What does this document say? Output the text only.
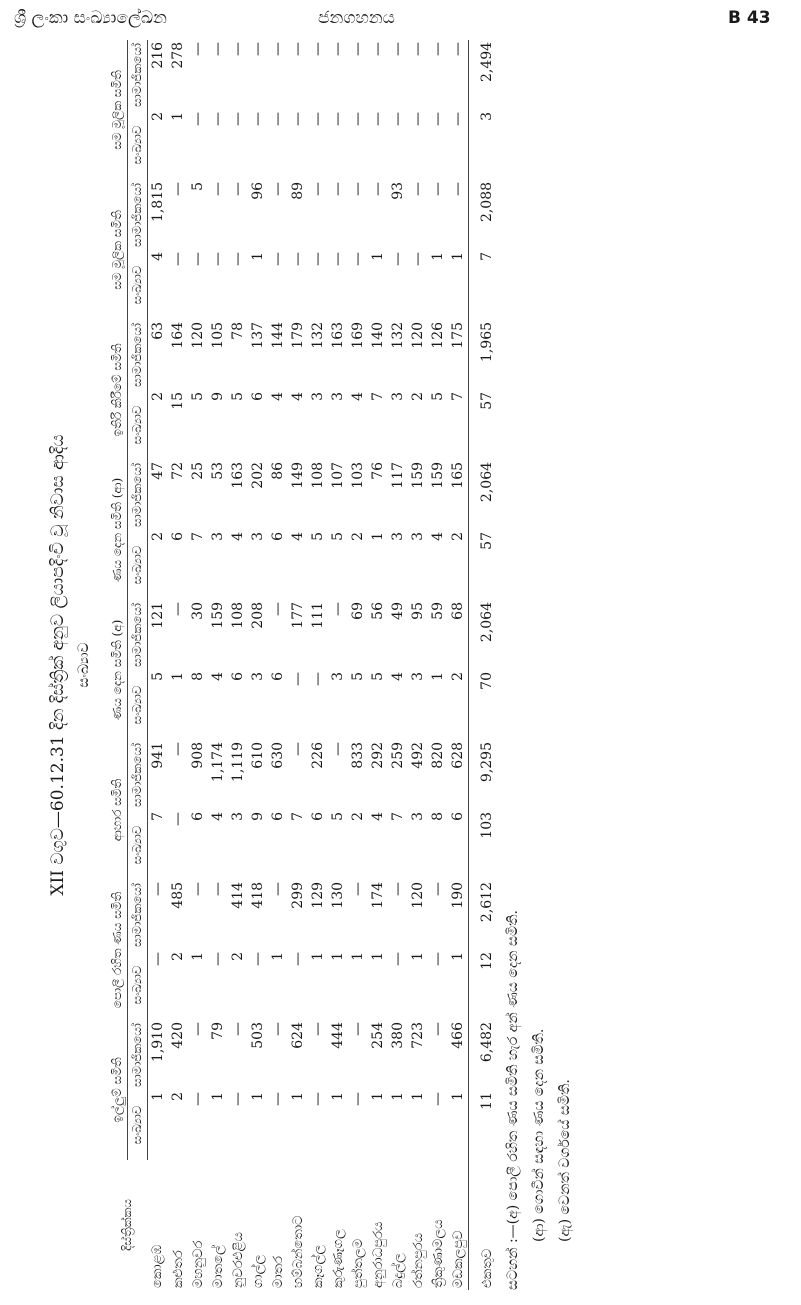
ශ්‍රී ලංකා සංඛ්‍යාලේඛන	ජනගහනය	B 43
XII වගුව—60.12.31 දින දිස්ත්‍රික් අනුව ලියාපදිංචි වූ නිවාස ආදිය සංඛ්‍යාව
දිස්ත්‍රික්කය	ඉල්ලුම් සමිති		පොලී රහිත ණය සමිති		ආහාර සමිති		ණය දෙන සමිති (අ)		ණය දෙන සමිති (ආ)		ඉතිරි කිරීමේ සමිති		සම මූලික සමිති		සම මූලික සමිති	
	සංඛ්‍යාව	සාමාජිකයෝ	සංඛ්‍යාව	සාමාජිකයෝ	සංඛ්‍යාව	සාමාජිකයෝ	සංඛ්‍යාව	සාමාජිකයෝ	සංඛ්‍යාව	සාමාජිකයෝ	සංඛ්‍යාව	සාමාජිකයෝ	සංඛ්‍යාව	සාමාජිකයෝ	සංඛ්‍යාව	සාමාජිකයෝ
කොළඹ	1	1,910	—	—	7	941	5	121	2	47	2	63	4	1,815	2	216
කළුතර	2	420	2	485	—	—	1	—	6	72	15	164	—	—	1	278
මහනුවර	—	—	1	—	6	908	8	30	7	25	5	120	—	5	—	—
මාතලේ	1	79	—	—	4	1,174	4	159	3	53	9	105	—	—	—	—
නුවරඑළිය	—	—	2	414	3	1,119	6	108	4	163	5	78	—	—	—	—
ගාල්ල	1	503	—	418	9	610	3	208	3	202	6	137	1	96	—	—
මාතර	—	—	1	—	6	630	6	—	6	86	4	144	—	—	—	—
හම්බන්තොට	1	624	—	299	7	—	—	177	4	149	4	179	—	89	—	—
කෑගල්ල	—	—	1	129	6	226	—	111	5	108	3	132	—	—	—	—
කුරුණෑගල	1	444	1	130	5	—	3	—	5	107	3	163	—	—	—	—
පුත්තලම	—	—	1	—	2	833	5	69	2	103	4	169	—	—	—	—
අනුරාධපුරය	1	254	1	174	4	292	5	56	1	76	7	140	1	—	—	—
බදුල්ල	1	380	—	—	7	259	4	49	3	117	3	132	—	93	—	—
රත්නපුරය	1	723	1	120	3	492	3	95	3	159	2	120	—	—	—	—
ත්‍රිකුණාමලය	—	—	—	—	8	820	1	59	4	159	5	126	1	—	—	—
මඩකලපුව	1	466	1	190	6	628	2	68	2	165	7	175	1	—	—	—
එකතුව	11	6,482	12	2,612	103	9,295	70	2,064	57	2,064	57	1,965	7	2,088	3	2,494
සටහන් :—(අ) පොලී රහිත ණය සමිති හැර අන් ණය දෙන සමිති. (ආ) ගොවීන් සඳහා ණය දෙන සමිති. (ඇ) වෙනත් වර්ගයේ සමිති.
